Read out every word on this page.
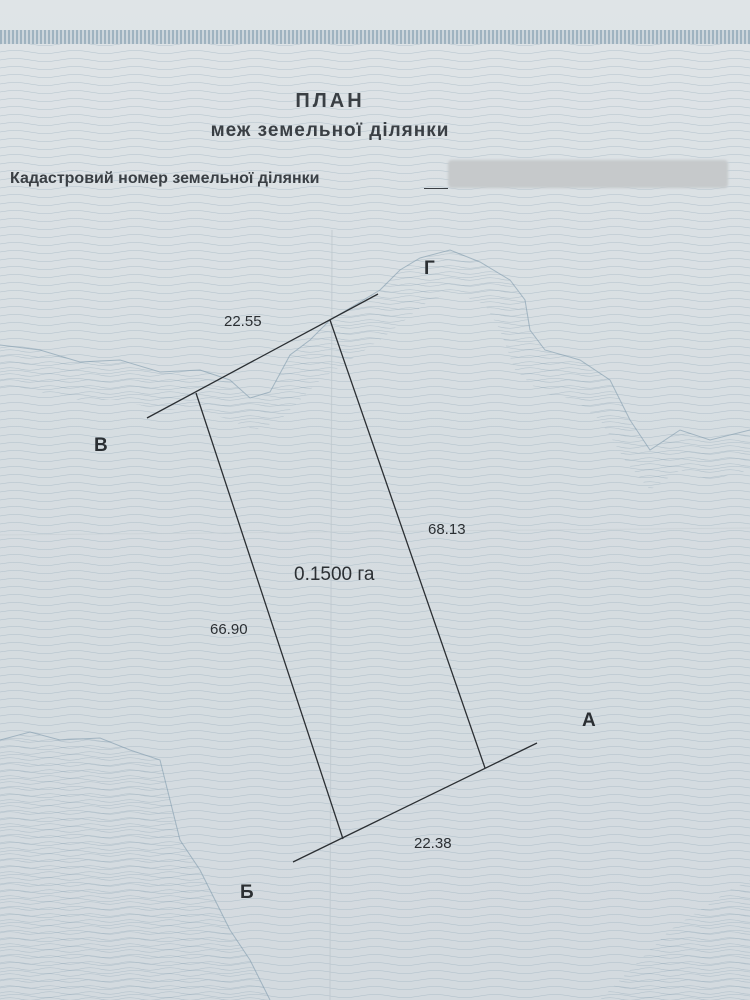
ПЛАН
меж земельної ділянки
Кадастровий номер земельної ділянки
Г
В
А
Б
22.55
68.13
66.90
22.38
0.1500 га
